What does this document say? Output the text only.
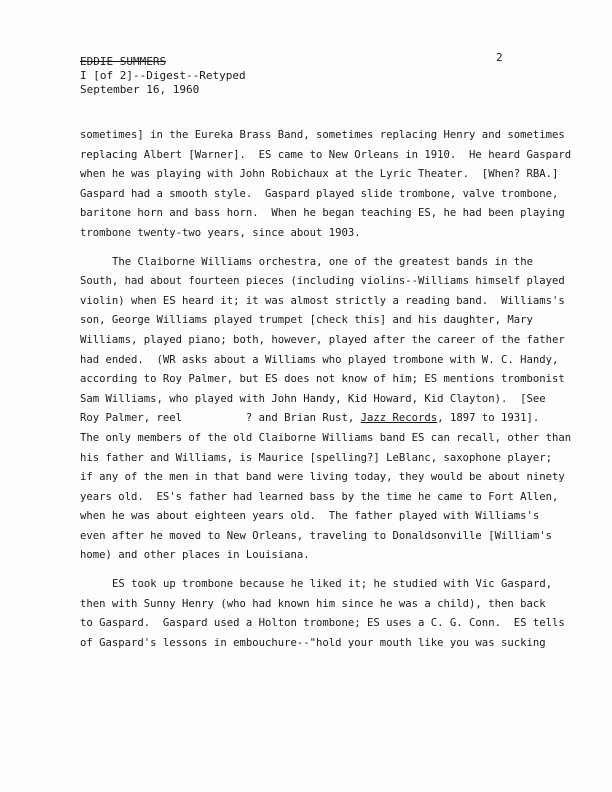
EDDIE SUMMERS
I [of 2]--Digest--Retyped
September 16, 1960
2
sometimes] in the Eureka Brass Band, sometimes replacing Henry and sometimes
replacing Albert [Warner].  ES came to New Orleans in 1910.  He heard Gaspard
when he was playing with John Robichaux at the Lyric Theater.  [When? RBA.]
Gaspard had a smooth style.  Gaspard played slide trombone, valve trombone,
baritone horn and bass horn.  When he began teaching ES, he had been playing
trombone twenty-two years, since about 1903.
The Claiborne Williams orchestra, one of the greatest bands in the
South, had about fourteen pieces (including violins--Williams himself played
violin) when ES heard it; it was almost strictly a reading band.  Williams's
son, George Williams played trumpet [check this] and his daughter, Mary
Williams, played piano; both, however, played after the career of the father
had ended.  (WR asks about a Williams who played trombone with W. C. Handy,
according to Roy Palmer, but ES does not know of him; ES mentions trombonist
Sam Williams, who played with John Handy, Kid Howard, Kid Clayton).  [See
Roy Palmer, reel          ? and Brian Rust, Jazz Records, 1897 to 1931].
The only members of the old Claiborne Williams band ES can recall, other than
his father and Williams, is Maurice [spelling?] LeBlanc, saxophone player;
if any of the men in that band were living today, they would be about ninety
years old.  ES's father had learned bass by the time he came to Fort Allen,
when he was about eighteen years old.  The father played with Williams's
even after he moved to New Orleans, traveling to Donaldsonville [William's
home) and other places in Louisiana.
ES took up trombone because he liked it; he studied with Vic Gaspard,
then with Sunny Henry (who had known him since he was a child), then back
to Gaspard.  Gaspard used a Holton trombone; ES uses a C. G. Conn.  ES tells
of Gaspard's lessons in embouchure--"hold your mouth like you was sucking
